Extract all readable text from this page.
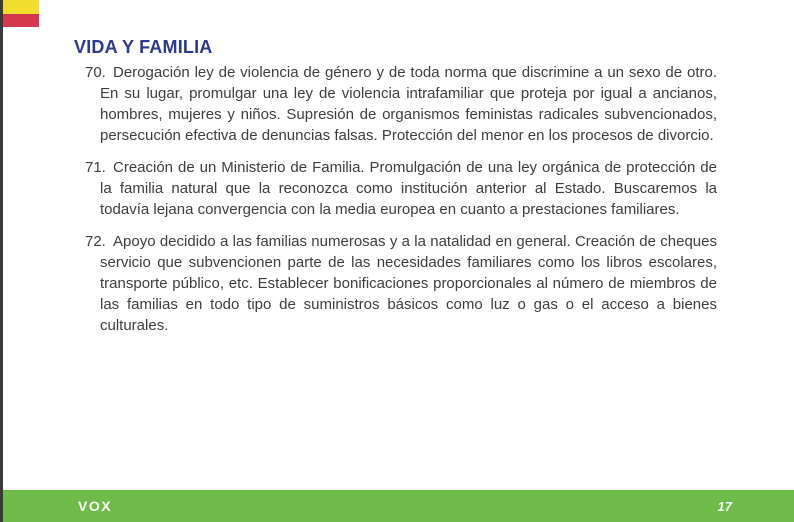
VIDA Y FAMILIA
70. Derogación ley de violencia de género y de toda norma que discrimine a un sexo de otro. En su lugar, promulgar una ley de violencia intrafamiliar que proteja por igual a ancianos, hombres, mujeres y niños. Supresión de organismos feministas radicales subvencionados, persecución efectiva de denuncias falsas. Protección del menor en los procesos de divorcio.
71. Creación de un Ministerio de Familia. Promulgación de una ley orgánica de protección de la familia natural que la reconozca como institución anterior al Estado. Buscaremos la todavía lejana convergencia con la media europea en cuanto a prestaciones familiares.
72. Apoyo decidido a las familias numerosas y a la natalidad en general. Creación de cheques servicio que subvencionen parte de las necesidades familiares como los libros escolares, transporte público, etc. Establecer bonificaciones proporcionales al número de miembros de las familias en todo tipo de suministros básicos como luz o gas o el acceso a bienes culturales.
VOX	17
